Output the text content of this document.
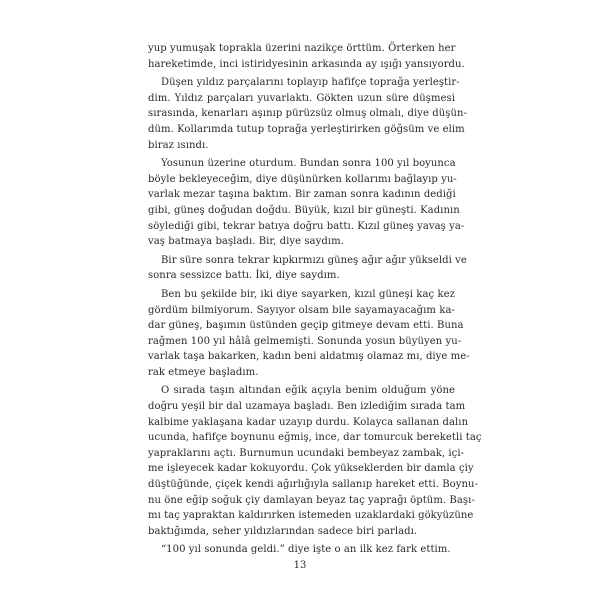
yup yumuşak toprakla üzerini nazikçe örttüm. Örterken her
hareketimde, inci istiridyesinin arkasında ay ışığı yansıyordu.
Düşen yıldız parçalarını toplayıp hafifçe toprağa yerleştir-
dim. Yıldız parçaları yuvarlaktı. Gökten uzun süre düşmesi
sırasında, kenarları aşınıp pürüzsüz olmuş olmalı, diye düşün-
düm. Kollarımda tutup toprağa yerleştirirken göğsüm ve elim
biraz ısındı.
Yosunun üzerine oturdum. Bundan sonra 100 yıl boyunca
böyle bekleyeceğim, diye düşünürken kollarımı bağlayıp yu-
varlak mezar taşına baktım. Bir zaman sonra kadının dediği
gibi, güneş doğudan doğdu. Büyük, kızıl bir güneşti. Kadının
söylediği gibi, tekrar batıya doğru battı. Kızıl güneş yavaş ya-
vaş batmaya başladı. Bir, diye saydım.
Bir süre sonra tekrar kıpkırmızı güneş ağır ağır yükseldi ve
sonra sessizce battı. İki, diye saydım.
Ben bu şekilde bir, iki diye sayarken, kızıl güneşi kaç kez
gördüm bilmiyorum. Sayıyor olsam bile sayamayacağım ka-
dar güneş, başımın üstünden geçip gitmeye devam etti. Buna
rağmen 100 yıl hâlâ gelmemişti. Sonunda yosun büyüyen yu-
varlak taşa bakarken, kadın beni aldatmış olamaz mı, diye me-
rak etmeye başladım.
O sırada taşın altından eğik açıyla benim olduğum yöne
doğru yeşil bir dal uzamaya başladı. Ben izlediğim sırada tam
kalbime yaklaşana kadar uzayıp durdu. Kolayca sallanan dalın
ucunda, hafifçe boynunu eğmiş, ince, dar tomurcuk bereketli taç
yapraklarını açtı. Burnumun ucundaki bembeyaz zambak, içi-
me işleyecek kadar kokuyordu. Çok yükseklerden bir damla çiy
düştüğünde, çiçek kendi ağırlığıyla sallanıp hareket etti. Boynu-
nu öne eğip soğuk çiy damlayan beyaz taç yaprağı öptüm. Başı-
mı taç yapraktan kaldırırken istemeden uzaklardaki gökyüzüne
baktığımda, seher yıldızlarından sadece biri parladı.
“100 yıl sonunda geldi.” diye işte o an ilk kez fark ettim.
13
